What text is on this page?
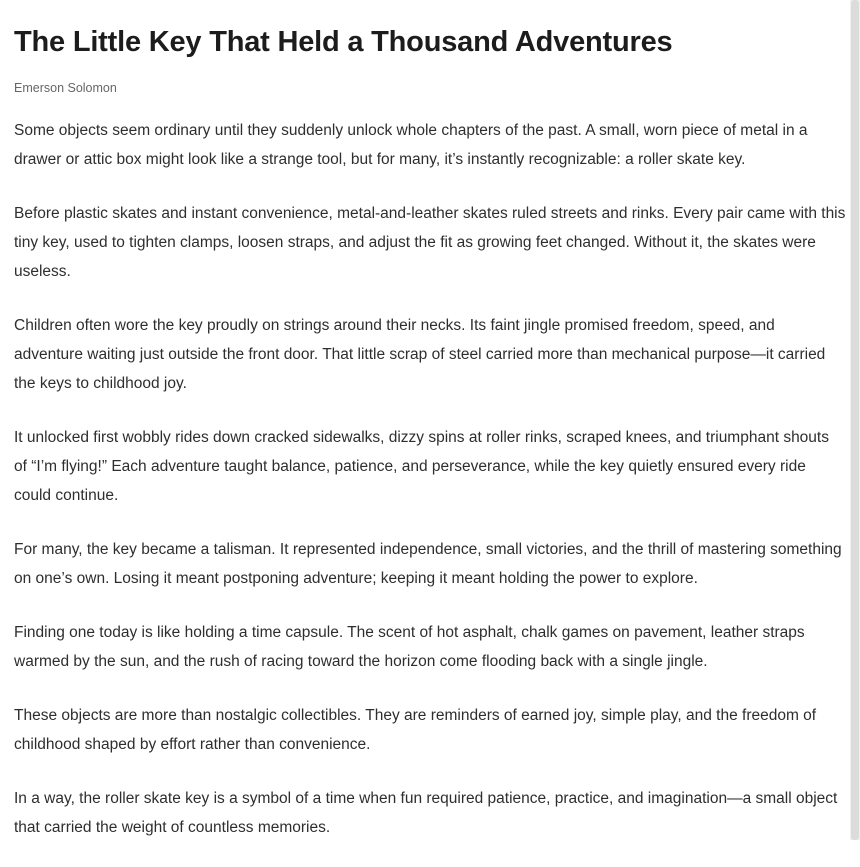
The Little Key That Held a Thousand Adventures
Emerson Solomon

Some objects seem ordinary until they suddenly unlock whole chapters of the past. A small, worn piece of metal in a drawer or attic box might look like a strange tool, but for many, it’s instantly recognizable: a roller skate key.

Before plastic skates and instant convenience, metal-and-leather skates ruled streets and rinks. Every pair came with this tiny key, used to tighten clamps, loosen straps, and adjust the fit as growing feet changed. Without it, the skates were useless.

Children often wore the key proudly on strings around their necks. Its faint jingle promised freedom, speed, and adventure waiting just outside the front door. That little scrap of steel carried more than mechanical purpose—it carried the keys to childhood joy.

It unlocked first wobbly rides down cracked sidewalks, dizzy spins at roller rinks, scraped knees, and triumphant shouts of “I’m flying!” Each adventure taught balance, patience, and perseverance, while the key quietly ensured every ride could continue.

For many, the key became a talisman. It represented independence, small victories, and the thrill of mastering something on one’s own. Losing it meant postponing adventure; keeping it meant holding the power to explore.

Finding one today is like holding a time capsule. The scent of hot asphalt, chalk games on pavement, leather straps warmed by the sun, and the rush of racing toward the horizon come flooding back with a single jingle.

These objects are more than nostalgic collectibles. They are reminders of earned joy, simple play, and the freedom of childhood shaped by effort rather than convenience.

In a way, the roller skate key is a symbol of a time when fun required patience, practice, and imagination—a small object that carried the weight of countless memories.
